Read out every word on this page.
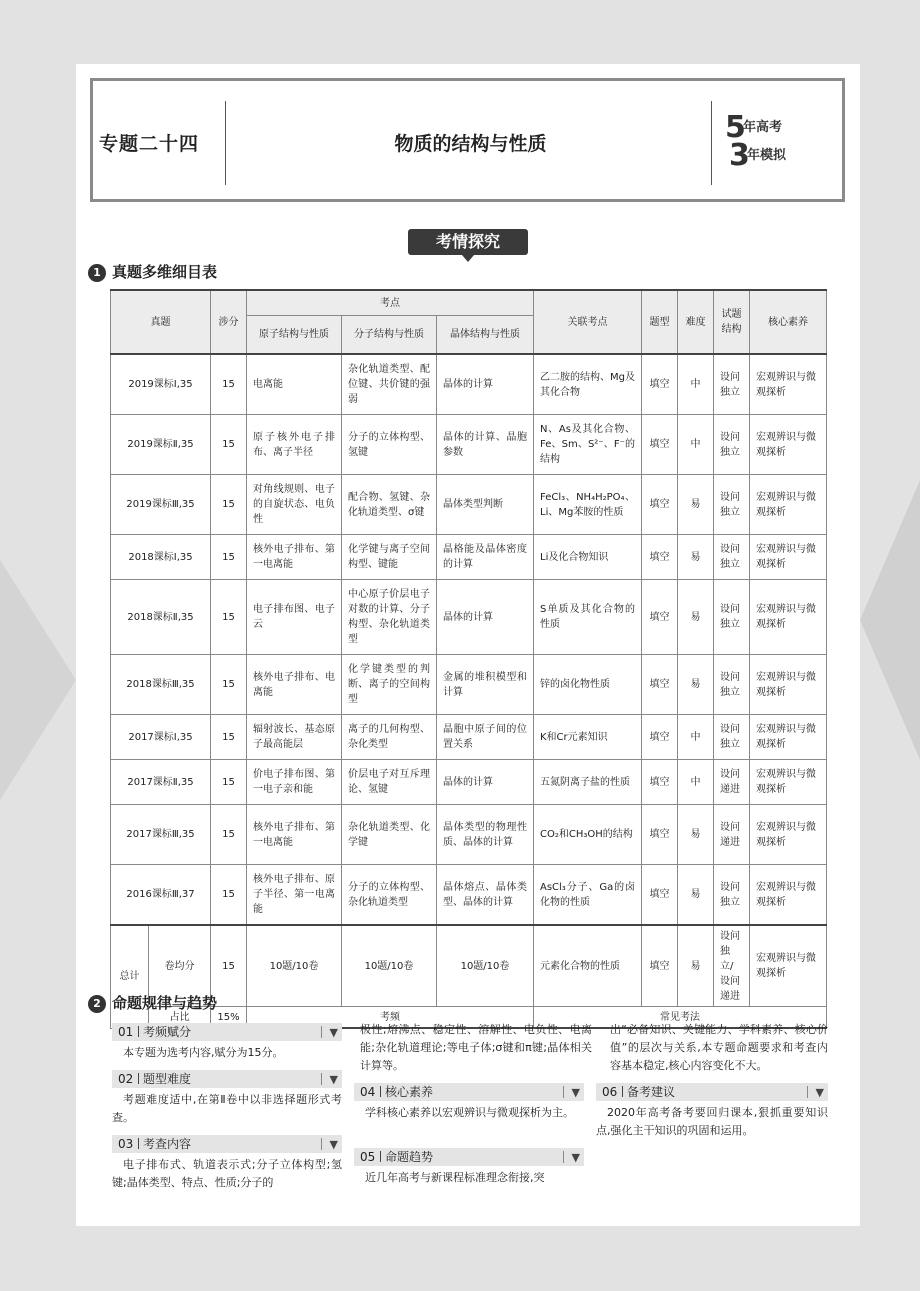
专题二十四	物质的结构与性质	5
年高考
3
年模拟
考情探究
1 真题多维细目表
真题		涉分	考点			关联考点	题型	难度	试题结构	核心素养
			原子结构与性质	分子结构与性质	晶体结构与性质					
2019课标Ⅰ,35		15	电离能	杂化轨道类型、配位键、共价键的强弱	晶体的计算	乙二胺的结构、Mg及其化合物	填空	中	设问独立	宏观辨识与微观探析
2019课标Ⅱ,35		15	原子核外电子排布、离子半径	分子的立体构型、氢键	晶体的计算、晶胞参数	N、As及其化合物、Fe、Sm、S²⁻、F⁻的结构	填空	中	设问独立	宏观辨识与微观探析
2019课标Ⅲ,35		15	对角线规则、电子的自旋状态、电负性	配合物、氢键、杂化轨道类型、σ键	晶体类型判断	FeCl₃、NH₄H₂PO₄、Li、Mg苯胺的性质	填空	易	设问独立	宏观辨识与微观探析
2018课标Ⅰ,35		15	核外电子排布、第一电离能	化学键与离子空间构型、键能	晶格能及晶体密度的计算	Li及化合物知识	填空	易	设问独立	宏观辨识与微观探析
2018课标Ⅱ,35		15	电子排布图、电子云	中心原子价层电子对数的计算、分子构型、杂化轨道类型	晶体的计算	S单质及其化合物的性质	填空	易	设问独立	宏观辨识与微观探析
2018课标Ⅲ,35		15	核外电子排布、电离能	化学键类型的判断、离子的空间构型	金属的堆积模型和计算	锌的卤化物性质	填空	易	设问独立	宏观辨识与微观探析
2017课标Ⅰ,35		15	辐射波长、基态原子最高能层	离子的几何构型、杂化类型	晶胞中原子间的位置关系	K和Cr元素知识	填空	中	设问独立	宏观辨识与微观探析
2017课标Ⅱ,35		15	价电子排布图、第一电子亲和能	价层电子对互斥理论、氢键	晶体的计算	五氮阴离子盐的性质	填空	中	设问递进	宏观辨识与微观探析
2017课标Ⅲ,35		15	核外电子排布、第一电离能	杂化轨道类型、化学键	晶体类型的物理性质、晶体的计算	CO₂和CH₃OH的结构	填空	易	设问递进	宏观辨识与微观探析
2016课标Ⅲ,37		15	核外电子排布、原子半径、第一电离能	分子的立体构型、杂化轨道类型	晶体熔点、晶体类型、晶体的计算	AsCl₃分子、Ga的卤化物的性质	填空	易	设问独立	宏观辨识与微观探析
总计	卷均分	15	10题/10卷	10题/10卷	10题/10卷	元素化合物的性质	填空	易	设问独立/设问递进	宏观辨识与微观探析
	占比	15%	考频			常见考法				
2 命题规律与趋势
01 考频赋分	▼
本专题为选考内容,赋分为15分。
02 题型难度	▼
考题难度适中,在第Ⅱ卷中以非选择题形式考查。
03 考查内容	▼
电子排布式、轨道表示式;分子立体构型;氢键;晶体类型、特点、性质;分子的
极性;熔沸点、稳定性、溶解性、电负性、电离能;杂化轨道理论;等电子体;σ键和π键;晶体相关计算等。
04 核心素养	▼
学科核心素养以宏观辨识与微观探析为主。
05 命题趋势	▼
近几年高考与新课程标准理念衔接,突
出“必备知识、关键能力、学科素养、核心价值”的层次与关系,本专题命题要求和考查内容基本稳定,核心内容变化不大。
06 备考建议	▼
2020年高考备考要回归课本,狠抓重要知识点,强化主干知识的巩固和运用。
